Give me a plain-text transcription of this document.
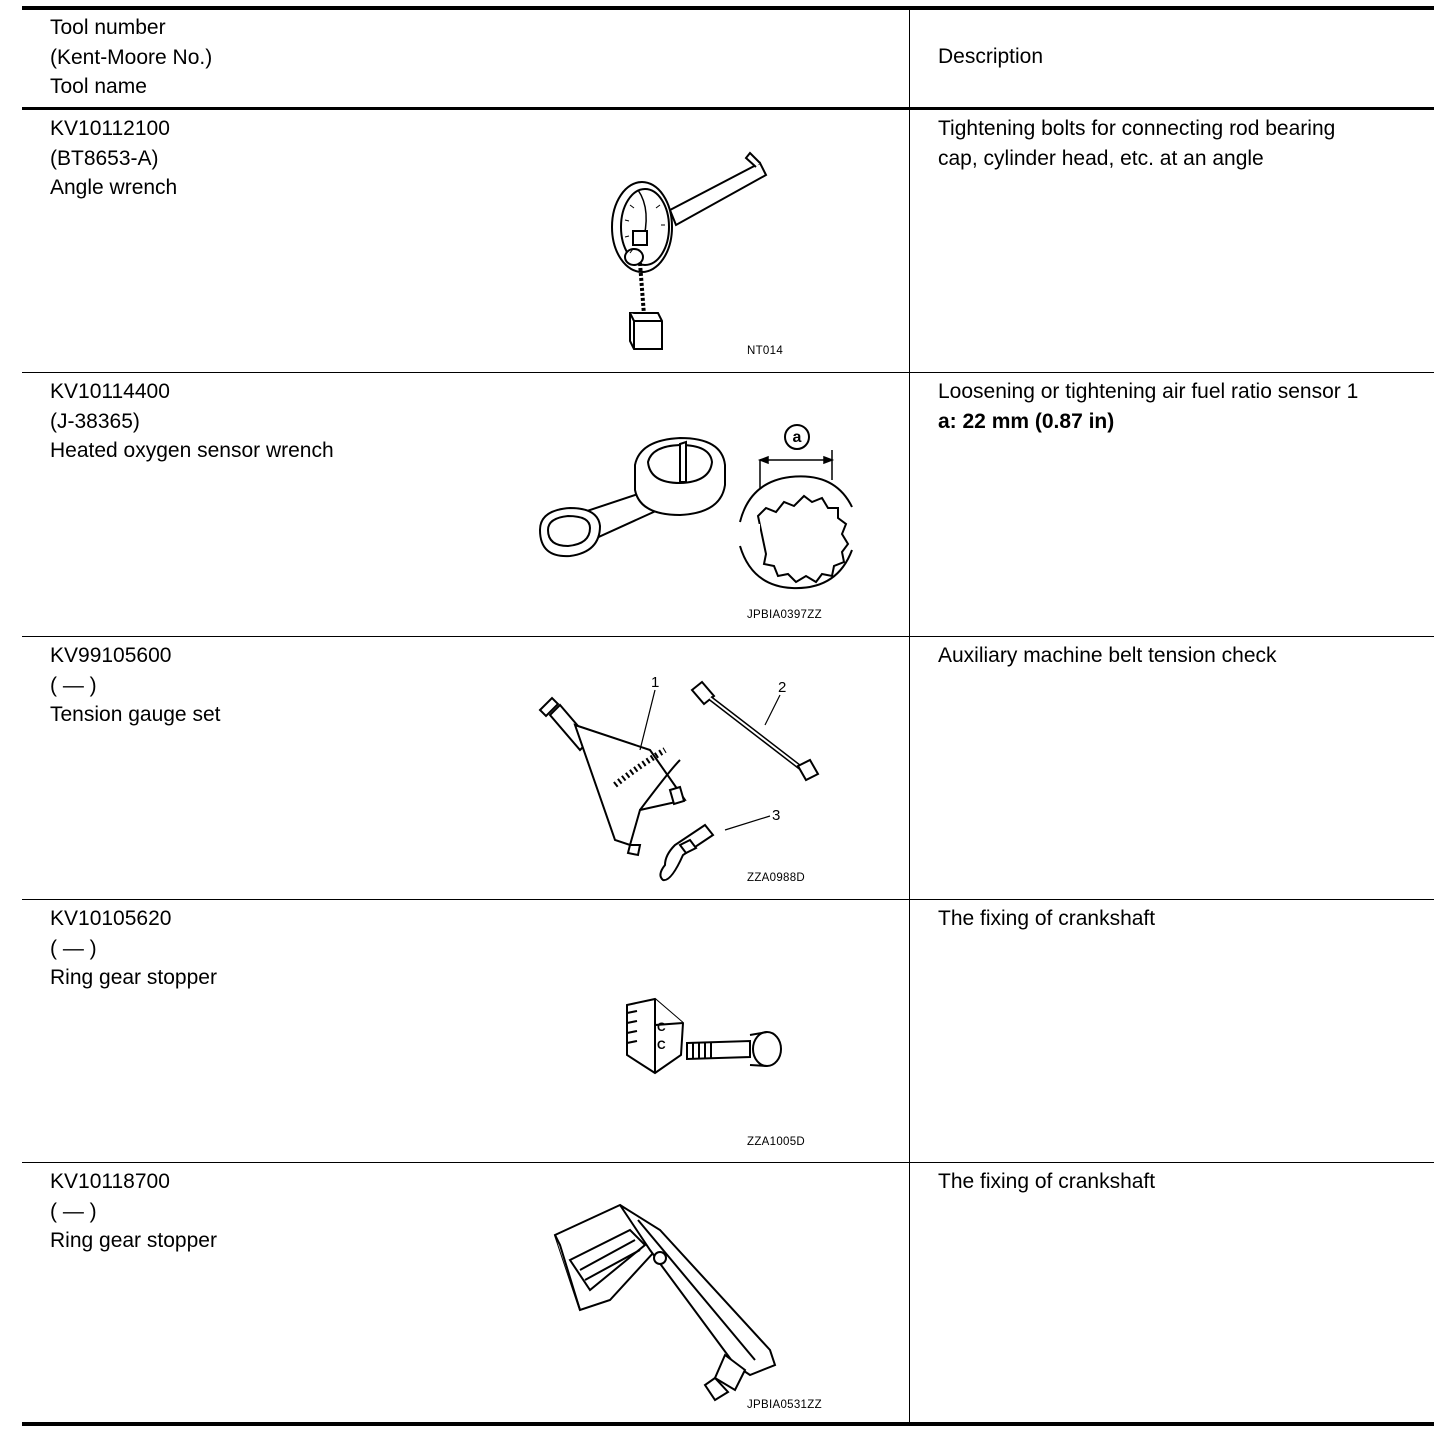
Tool number
(Kent-Moore No.)
Tool name
Description
KV10112100
(BT8653-A)
Angle wrench
Tightening bolts for connecting rod bearing
cap, cylinder head, etc. at an angle
NT014
KV10114400
(J-38365)
Heated oxygen sensor wrench
Loosening or tightening air fuel ratio sensor 1
a: 22 mm (0.87 in)
a
JPBIA0397ZZ
KV99105600
( — )
Tension gauge set
Auxiliary machine belt tension check
1	2
3
ZZA0988D
KV10105620
( — )
Ring gear stopper
The fixing of crankshaft
C
C
ZZA1005D
KV10118700
( — )
Ring gear stopper
The fixing of crankshaft
JPBIA0531ZZ
